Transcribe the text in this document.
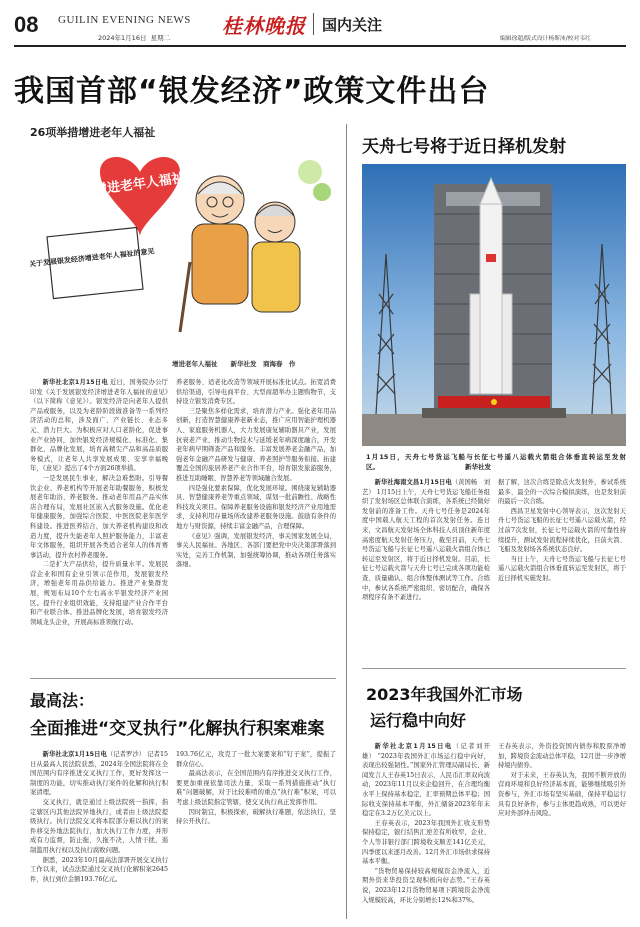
08 GUILIN EVENING NEWS
2024年1月16日 星期二	桂林晚报 国内关注
编辑徐超/版式设计杨斯沛/校对韦红
我国首部“银发经济”政策文件出台
26项举措增进老年人福祉
增进老年人福祉
关于发展银发经济增进老年人福祉的意见
增进老年人福祉　　新华社发　商海春　作

新华社北京1月15日电 近日，国务院办公厅印发《关于发展银发经济增进老年人福祉的意见》（以下简称《意见》）。银发经济是向老年人提供产品或服务，以及为老龄阶段做准备等一系列经济活动的总和，涉及面广、产业链长、业态多元、潜力巨大。为积极应对人口老龄化，促进事业产业协同，加快银发经济规模化、标准化、集群化、品牌化发展，培育高精尖产品和高品质服务模式，让老年人共享发展成果、安享幸福晚年，《意见》提出了4个方面26项举措。

一是发展民生事业，解决急难愁盼。引导餐饮企业、养老机构等开展老年助餐服务，积极发展老年助浴、养老服务。推动老年用品产品实体店合理布局，发展社区嵌入式服务设施。优化老年健康服务，加强综合医院、中医医院老年医学科建设。推进医养结合，加大养老机构建设和改造力度，提升失能老年人照护服务能力，丰富老年文体服务，组织开展各类适合老年人的体育赛事活动，提升农村养老服务。

二是扩大产品供给，提升质量水平。发展民营企业和国有企业引领示范作用，发展银发经济，增强老年用品供给能力。推进产业集群发展，规划布局10个左右高水平银发经济产业园区。提升行业组织效能，支持组建产业合作平台和产业联合体。推进品牌化发展，培育银发经济领域龙头企业，开展高标准领航行动。

养老服务、适老化改造等领域开展标准化试点。拓宽消费供给渠道，引导电商平台、大型商超举办主题购物节，支持设立银发消费专区。

三是聚焦多样化需求，培育潜力产业。强化老年用品创新，打造智慧健康养老新业态，推广应用智能护理机器人、家庭服务机器人，大力发展康复辅助器具产业，发展抗衰老产业，推动生物技术与延缓老年病深度融合，开发老年病早期筛查产品和服务。丰富发展养老金融产品，加强老年金融产品研发与健康、养老照护等服务衔接。拓建覆盖全国的旅居养老产业合作平台，培育银发旅游服务，推进互助睡眠、智慧养老等领域融合发展。

四是强化要素保障，优化发展环境。围绕康复辅助器具、智慧健康养老等重点领域，谋划一批前瞻性、战略性科技攻关项目。保障养老服务设施和银发经济产业用地需求，支持利用存量场所改建养老服务设施。鼓励有条件的地方与财资源，持续丰富金融产品，合理保障。

《意见》强调，发展银发经济，事关国家发展全局，事关人民福祉。各地区、各部门要把党中央决策部署落到实处，完善工作机制，加强统筹协调，推动各项任务落实落细。

最高法：
全面推进“交叉执行”化解执行积案难案

新华社北京1月15日电（记者罗沙） 记者15日从最高人民法院获悉，2024年全国法院将在全国范围内有序推进交叉执行工作，更好发挥这一制度的功能，切实推动执行案件的化解和执行积案清理。

交叉执行，就是通过上级法院统一指挥，指定辖区内其他法院异地执行，或者由上级法院提级执行。执行法院交叉将本院部分难以执行的案件移交外地法院执行，加大执行工作力度，并形成有力监督，防止拖、久拖不决，人情干扰，遏制滥用执行权以及执行腐败问题。

据悉，2023年10月最高法部署开展交叉执行工作以来，试点法院通过交叉执行化解积案2645件，执行到位金额193.76亿元。

193.76亿元，攻克了一批大案要案和“钉子案”，提振了群众信心。

最高法表示，在全国范围内有序推进交叉执行工作，要更加重视依靠司法力量，采取一系列措施推动“执行难”问题破解，对于比较难啃的重点“执行难”积案，可以考虑上级法院指定管辖，使交叉执行真正发挥作用。

因时制宜，积极探索，破解执行难题，依法执行，坚持公开执行。

天舟七号将于近日择机发射
1月15日，天舟七号货运飞船与长征七号遥八运载火箭组合体垂直转运至发射区。	新华社发

新华社海南文昌1月15日电（黄国畅　刘艺） 1月15日上午，天舟七号货运飞船任务组织了发射场区总体联合演练，各系统已经做好发射前的准备工作。天舟七号任务是2024年度中国载人航天工程的首次发射任务。连日来，文昌航天发射场全体科技人员顶住新年度高密度航天发射任务压力，截至目前，天舟七号货运飞船与长征七号遥八运载火箭组合体已转运至发射区，将于近日择机发射。目前，长征七号运载火箭与天舟七号已完成各项功能检查、质量确认、组合体整体测试等工作。合练中，参试各系统严密组织、密切配合，确保各项程序有条不紊进行。

据了解，这次合练是除点火发射外，参试系统最多、最全的一次综合模拟演练，也是发射前的最后一次合练。

西昌卫星发射中心领导表示，这次发射天舟七号货运飞船的长征七号遥八运载火箭，经过前7次发射，长征七号运载火箭的可靠性持续提升，测试发射流程持续优化，目前火箭、飞船及发射场各系统状态良好。

当日上午，天舟七号货运飞船与长征七号遥八运载火箭组合体垂直转运至发射区，将于近日择机实施发射。

2023年我国外汇市场
运行稳中向好

新华社北京1月15日电（记者刘开雄） “2023年我国外汇市场运行稳中向好，表现出较强韧性。”国家外汇管理局副局长、新闻发言人王春英15日表示，人民币汇率双向波动，2023年11月以来企稳回升，在合理均衡水平上保持基本稳定，汇率预期总体平稳；国际收支保持基本平衡，外汇储备2023年年末稳定在3.2万亿美元以上。

王春英表示，2023年我国外汇收支形势保持稳定，银行结售汇逆差有所收窄，企业、个人等非银行部门跨境收支顺差141亿美元，四季度以来逐月改善。12月外汇市场供求保持基本平衡。

“货物贸易保持较高规模资金净流入，近期外资来华投资呈现积极向好态势。”王春英说，2023年12月货物贸易项下跨境资金净流入规模较高，环比分别增长12%和37%。

王春英表示，外资投资国内债券和股票净增加，跨境资金流动总体平稳，12月进一步净增持境内债券。

对于未来，王春英认为，我国不断开放的营商环境和良好经济基本面，能够继续吸引外资参与，外汇市场有坚实基础，保持平稳运行具有良好条件，参与主体更趋成熟，可以更好应对外部冲击风险。
